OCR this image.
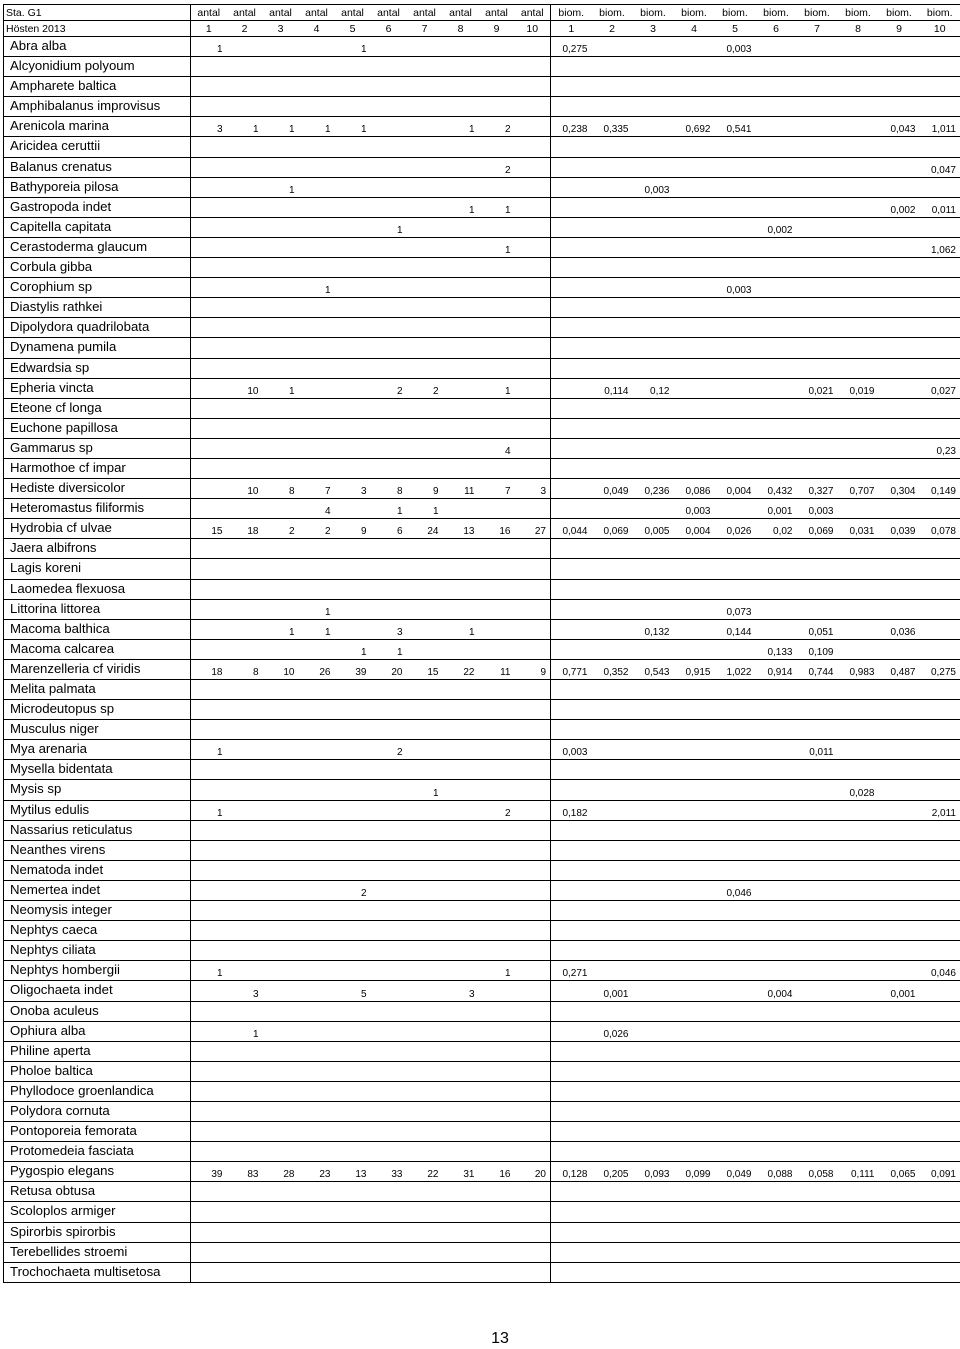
Sta. G1	antal	antal	antal	antal	antal	antal	antal	antal	antal	antal	biom.	biom.	biom.	biom.	biom.	biom.	biom.	biom.	biom.	biom.
Hösten 2013	1	2	3	4	5	6	7	8	9	10	1	2	3	4	5	6	7	8	9	10
Abra alba	1				1						0,275				0,003					
Alcyonidium polyoum																				
Ampharete baltica																				
Amphibalanus improvisus																				
Arenicola marina	3	1	1	1	1			1	2		0,238	0,335		0,692	0,541				0,043	1,011
Aricidea ceruttii																				
Balanus crenatus									2											0,047
Bathyporeia pilosa			1										0,003							
Gastropoda indet								1	1										0,002	0,011
Capitella capitata						1										0,002				
Cerastoderma glaucum									1											1,062
Corbula gibba																				
Corophium sp				1											0,003					
Diastylis rathkei																				
Dipolydora quadrilobata																				
Dynamena pumila																				
Edwardsia sp																				
Epheria vincta		10	1			2	2		1			0,114	0,12				0,021	0,019		0,027
Eteone cf longa																				
Euchone papillosa																				
Gammarus sp									4											0,23
Harmothoe cf impar																				
Hediste diversicolor		10	8	7	3	8	9	11	7	3		0,049	0,236	0,086	0,004	0,432	0,327	0,707	0,304	0,149
Heteromastus filiformis				4		1	1							0,003		0,001	0,003			
Hydrobia cf ulvae	15	18	2	2	9	6	24	13	16	27	0,044	0,069	0,005	0,004	0,026	0,02	0,069	0,031	0,039	0,078
Jaera albifrons																				
Lagis koreni																				
Laomedea flexuosa																				
Littorina littorea				1											0,073					
Macoma balthica			1	1		3		1					0,132		0,144		0,051		0,036	
Macoma calcarea					1	1										0,133	0,109			
Marenzelleria cf viridis	18	8	10	26	39	20	15	22	11	9	0,771	0,352	0,543	0,915	1,022	0,914	0,744	0,983	0,487	0,275
Melita palmata																				
Microdeutopus sp																				
Musculus niger																				
Mya arenaria	1					2					0,003						0,011			
Mysella bidentata																				
Mysis sp							1											0,028		
Mytilus edulis	1								2		0,182									2,011
Nassarius reticulatus																				
Neanthes virens																				
Nematoda indet																				
Nemertea indet					2										0,046					
Neomysis integer																				
Nephtys caeca																				
Nephtys ciliata																				
Nephtys hombergii	1								1		0,271									0,046
Oligochaeta indet		3			5			3				0,001				0,004			0,001	
Onoba aculeus																				
Ophiura alba		1										0,026								
Philine aperta																				
Pholoe baltica																				
Phyllodoce groenlandica																				
Polydora cornuta																				
Pontoporeia femorata																				
Protomedeia fasciata																				
Pygospio elegans	39	83	28	23	13	33	22	31	16	20	0,128	0,205	0,093	0,099	0,049	0,088	0,058	0,111	0,065	0,091
Retusa obtusa																				
Scoloplos armiger																				
Spirorbis spirorbis																				
Terebellides stroemi																				
Trochochaeta multisetosa																				
13
